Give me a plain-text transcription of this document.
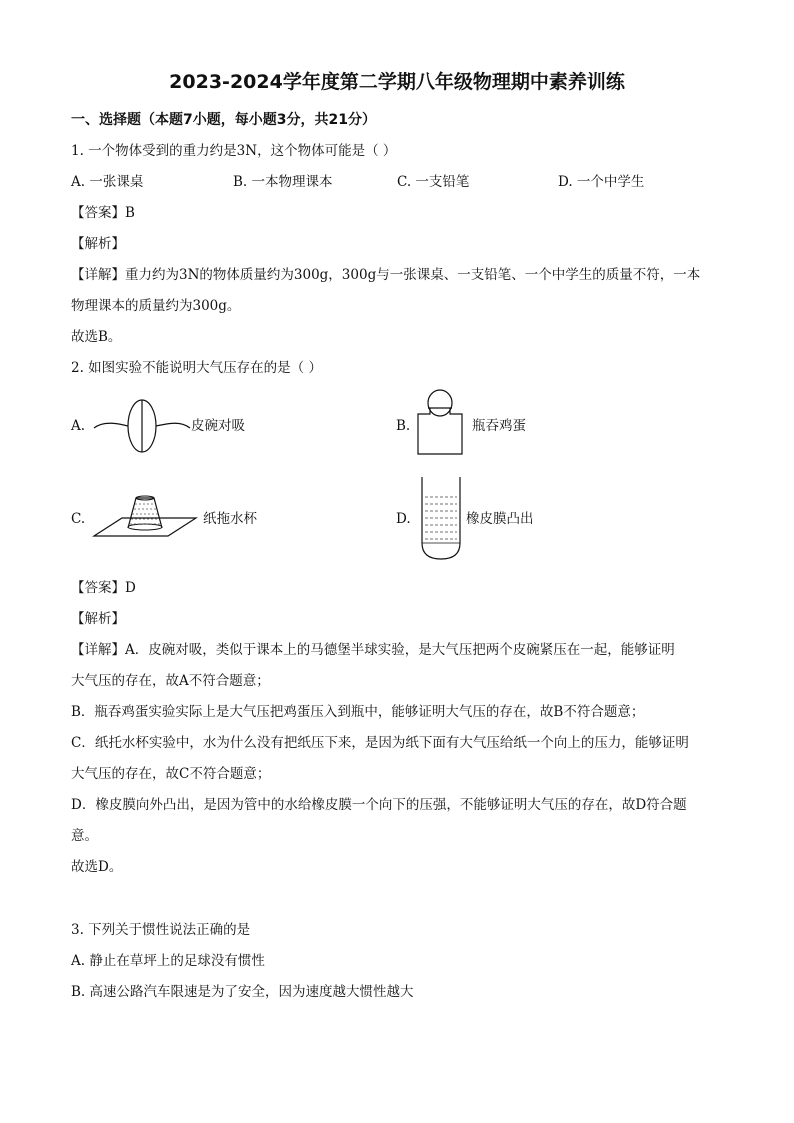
2023-2024学年度第二学期八年级物理期中素养训练
一、选择题（本题7小题，每小题3分，共21分）
1. 一个物体受到的重力约是3N，这个物体可能是（ ）
A. 一张课桌	B. 一本物理课本	C. 一支铅笔	D. 一个中学生
【答案】B
【解析】
【详解】重力约为3N的物体质量约为300g，300g与一张课桌、一支铅笔、一个中学生的质量不符，一本
物理课本的质量约为300g。
故选B。
2. 如图实验不能说明大气压存在的是（ ）
A.	皮碗对吸	B.	瓶吞鸡蛋
C.	纸拖水杯	D.	橡皮膜凸出
【答案】D
【解析】
【详解】A．皮碗对吸，类似于课本上的马德堡半球实验，是大气压把两个皮碗紧压在一起，能够证明
大气压的存在，故A不符合题意；
B．瓶吞鸡蛋实验实际上是大气压把鸡蛋压入到瓶中，能够证明大气压的存在，故B不符合题意；
C．纸托水杯实验中，水为什么没有把纸压下来，是因为纸下面有大气压给纸一个向上的压力，能够证明
大气压的存在，故C不符合题意；
D．橡皮膜向外凸出，是因为管中的水给橡皮膜一个向下的压强，不能够证明大气压的存在，故D符合题
意。
故选D。
3. 下列关于惯性说法正确的是
A. 静止在草坪上的足球没有惯性
B. 高速公路汽车限速是为了安全，因为速度越大惯性越大
